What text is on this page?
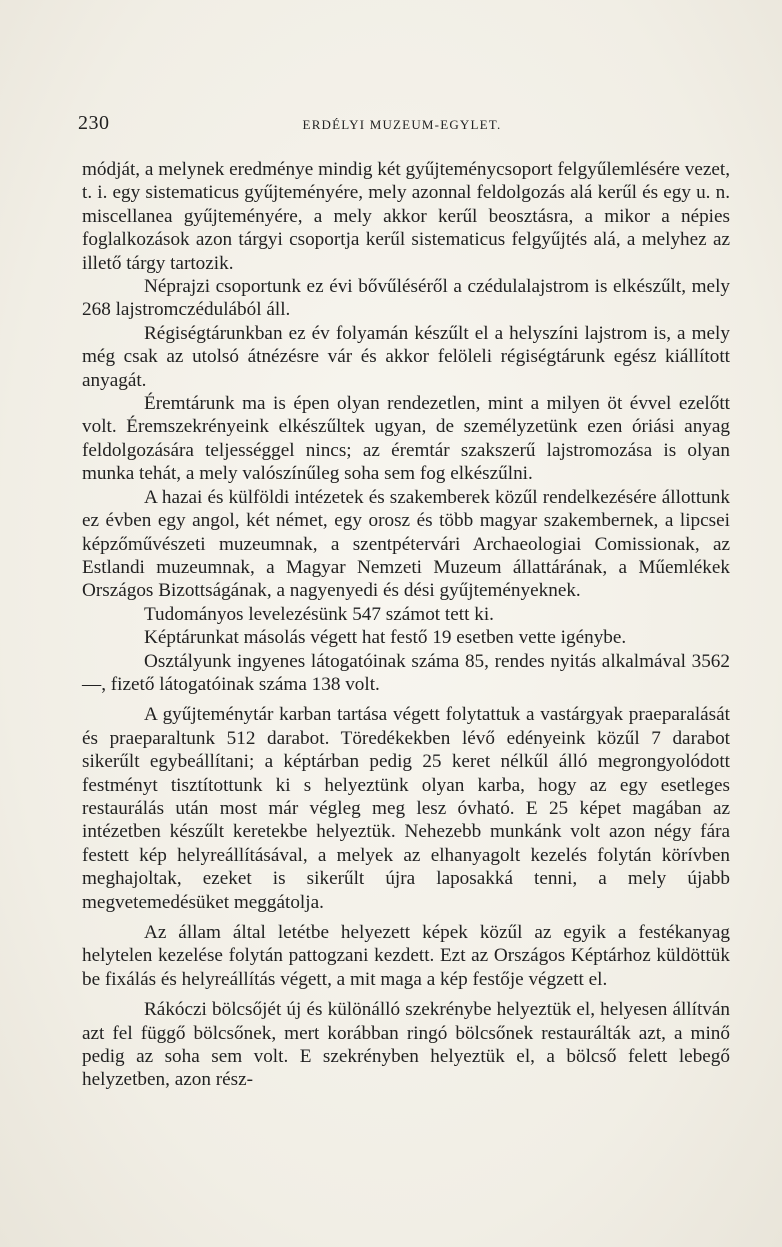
230	ERDÉLYI MUZEUM-EGYLET.

módját, a melynek eredménye mindig két gyűjteménycsoport felgyűlemlésére vezet, t. i. egy sistematicus gyűjteményére, mely azonnal feldolgozás alá kerűl és egy u. n. miscellanea gyűjteményére, a mely akkor kerűl beosztásra, a mikor a népies foglalkozások azon tárgyi csoportja kerűl sistematicus felgyűjtés alá, a melyhez az illető tárgy tartozik.

Néprajzi csoportunk ez évi bővűléséről a czédulalajstrom is elkészűlt, mely 268 lajstromczédulából áll.

Régiségtárunkban ez év folyamán készűlt el a helyszíni lajstrom is, a mely még csak az utolsó átnézésre vár és akkor felöleli régiségtárunk egész kiállított anyagát.

Éremtárunk ma is épen olyan rendezetlen, mint a milyen öt évvel ezelőtt volt. Éremszekrényeink elkészűltek ugyan, de személyzetünk ezen óriási anyag feldolgozására teljességgel nincs; az éremtár szakszerű lajstromozása is olyan munka tehát, a mely valószínűleg soha sem fog elkészűlni.

A hazai és külföldi intézetek és szakemberek közűl rendelkezésére állottunk ez évben egy angol, két német, egy orosz és több magyar szakembernek, a lipcsei képzőművészeti muzeumnak, a szentpétervári Archaeologiai Comissionak, az Estlandi muzeumnak, a Magyar Nemzeti Muzeum állattárának, a Műemlékek Országos Bizottságának, a nagyenyedi és dési gyűjteményeknek.

Tudományos levelezésünk 547 számot tett ki.

Képtárunkat másolás végett hat festő 19 esetben vette igénybe.

Osztályunk ingyenes látogatóinak száma 85, rendes nyitás alkalmával 3562 —, fizető látogatóinak száma 138 volt.

A gyűjteménytár karban tartása végett folytattuk a vastárgyak praeparalását és praeparaltunk 512 darabot. Töredékekben lévő edényeink közűl 7 darabot sikerűlt egybeállítani; a képtárban pedig 25 keret nélkűl álló megrongyolódott festményt tisztítottunk ki s helyeztünk olyan karba, hogy az egy esetleges restaurálás után most már végleg meg lesz óvható. E 25 képet magában az intézetben készűlt keretekbe helyeztük. Nehezebb munkánk volt azon négy fára festett kép helyreállításával, a melyek az elhanyagolt kezelés folytán körívben meghajoltak, ezeket is sikerűlt újra laposakká tenni, a mely újabb megvetemedésüket meggátolja.

Az állam által letétbe helyezett képek közűl az egyik a festékanyag helytelen kezelése folytán pattogzani kezdett. Ezt az Országos Képtárhoz küldöttük be fixálás és helyreállítás végett, a mit maga a kép festője végzett el.

Rákóczi bölcsőjét új és különálló szekrénybe helyeztük el, helyesen állítván azt fel függő bölcsőnek, mert korábban ringó bölcsőnek restaurálták azt, a minő pedig az soha sem volt. E szekrényben helyeztük el, a bölcső felett lebegő helyzetben, azon rész-
